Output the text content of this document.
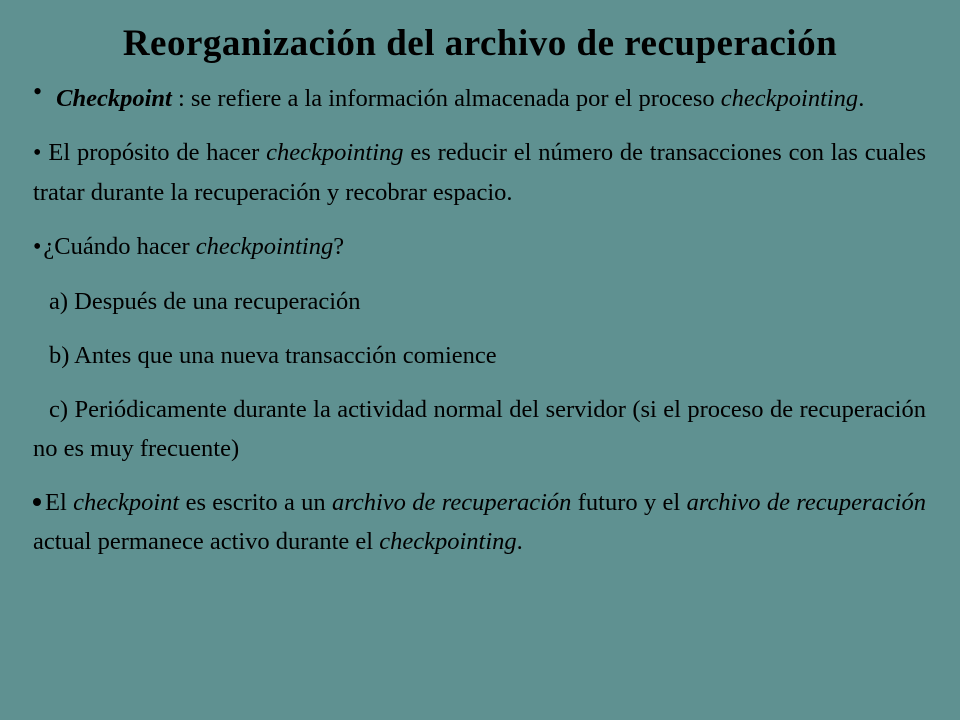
Reorganización del archivo de recuperación

• Checkpoint : se refiere a la información almacenada por el proceso checkpointing.

• El propósito de hacer checkpointing es reducir el número de transacciones con las cuales tratar durante la recuperación y recobrar espacio.

•¿Cuándo hacer checkpointing?

a) Después de una recuperación

b) Antes que una nueva transacción comience

c) Periódicamente durante la actividad normal del servidor (si el proceso de recuperación no es muy frecuente)

El checkpoint es escrito a un archivo de recuperación futuro y el archivo de recuperación actual permanece activo durante el checkpointing.
